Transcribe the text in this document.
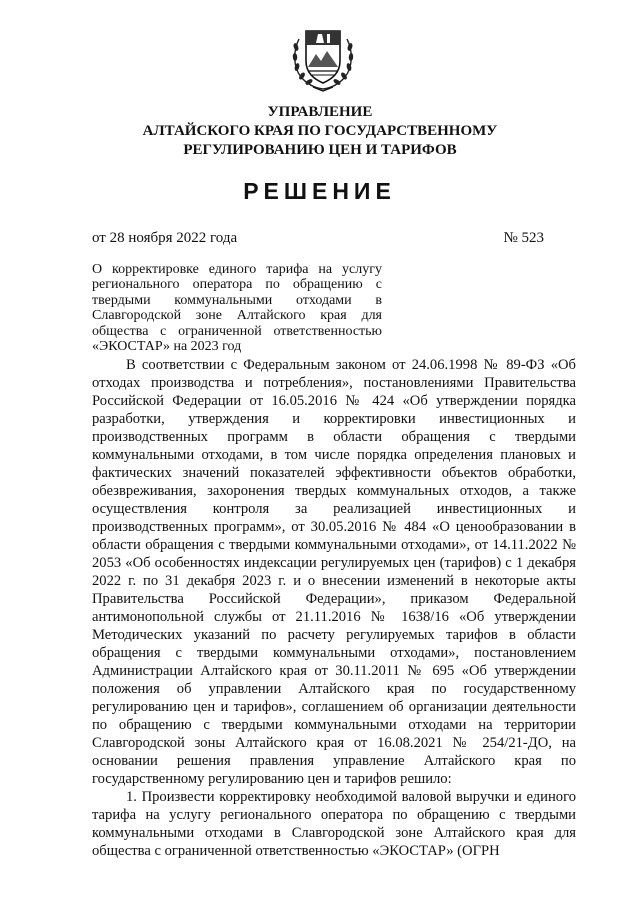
УПРАВЛЕНИЕ
АЛТАЙСКОГО КРАЯ ПО ГОСУДАРСТВЕННОМУ
РЕГУЛИРОВАНИЮ ЦЕН И ТАРИФОВ
РЕШЕНИЕ
от 28 ноября 2022 года	№ 523
О корректировке единого тарифа на услугу регионального оператора по обращению с твердыми коммунальными отходами в Славгородской зоне Алтайского края для общества с ограниченной ответственностью «ЭКОСТАР» на 2023 год

В соответствии с Федеральным законом от 24.06.1998 № 89-ФЗ «Об отходах производства и потребления», постановлениями Правительства Российской Федерации от 16.05.2016 № 424 «Об утверждении порядка разработки, утверждения и корректировки инвестиционных и производственных программ в области обращения с твердыми коммунальными отходами, в том числе порядка определения плановых и фактических значений показателей эффективности объектов обработки, обезвреживания, захоронения твердых коммунальных отходов, а также осуществления контроля за реализацией инвестиционных и производственных программ», от 30.05.2016 № 484 «О ценообразовании в области обращения с твердыми коммунальными отходами», от 14.11.2022 № 2053 «Об особенностях индексации регулируемых цен (тарифов) с 1 декабря 2022 г. по 31 декабря 2023 г. и о внесении изменений в некоторые акты Правительства Российской Федерации», приказом Федеральной антимонопольной службы от 21.11.2016 № 1638/16 «Об утверждении Методических указаний по расчету регулируемых тарифов в области обращения с твердыми коммунальными отходами», постановлением Администрации Алтайского края от 30.11.2011 № 695 «Об утверждении положения об управлении Алтайского края по государственному регулированию цен и тарифов», соглашением об организации деятельности по обращению с твердыми коммунальными отходами на территории Славгородской зоны Алтайского края от 16.08.2021 № 254/21-ДО, на основании решения правления управление Алтайского края по государственному регулированию цен и тарифов решило:

1. Произвести корректировку необходимой валовой выручки и единого тарифа на услугу регионального оператора по обращению с твердыми коммунальными отходами в Славгородской зоне Алтайского края для общества с ограниченной ответственностью «ЭКОСТАР» (ОГРН
